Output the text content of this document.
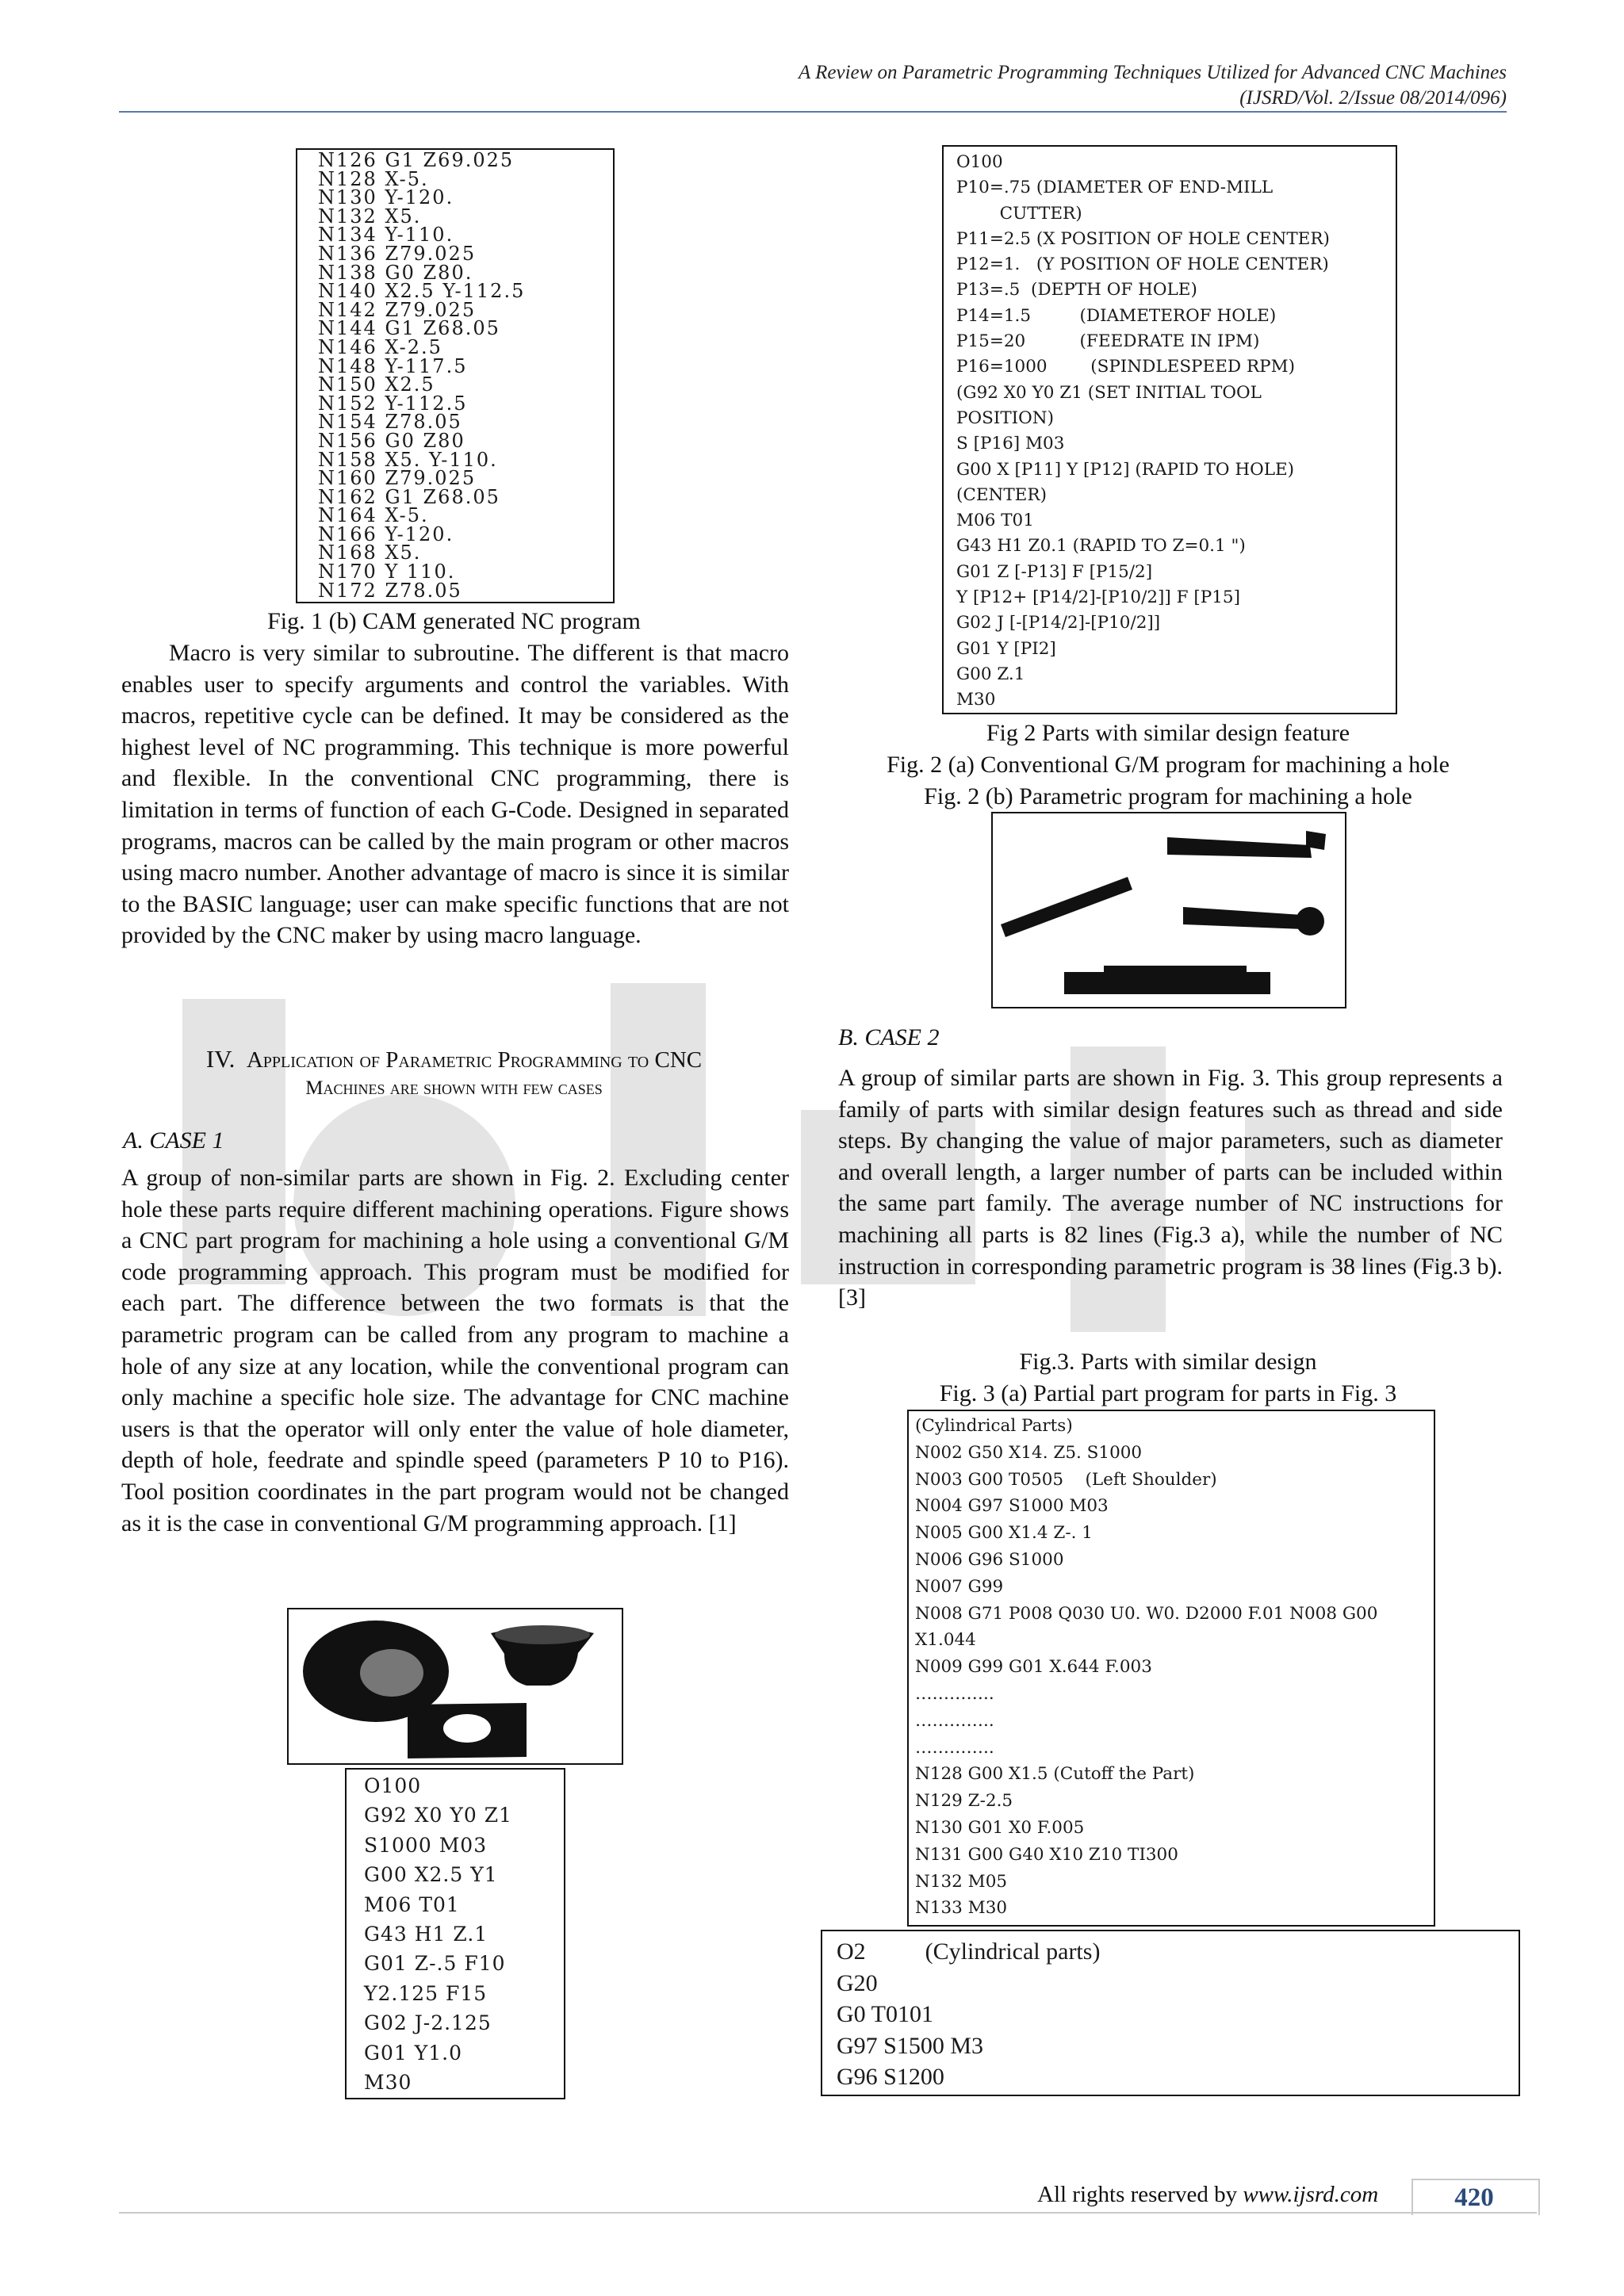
A Review on Parametric Programming Techniques Utilized for Advanced CNC Machines
(IJSRD/Vol. 2/Issue 08/2014/096)
N126 G1 Z69.025
N128 X-5.
N130 Y-120.
N132 X5.
N134 Y-110.
N136 Z79.025
N138 G0 Z80.
N140 X2.5 Y-112.5
N142 Z79.025
N144 G1 Z68.05
N146 X-2.5
N148 Y-117.5
N150 X2.5
N152 Y-112.5
N154 Z78.05
N156 G0 Z80
N158 X5. Y-110.
N160 Z79.025
N162 G1 Z68.05
N164 X-5.
N166 Y-120.
N168 X5.
N170 Y 110.
N172 Z78.05
Fig. 1 (b) CAM generated NC program

Macro is very similar to subroutine. The different is that macro enables user to specify arguments and control the variables. With macros, repetitive cycle can be defined. It may be considered as the highest level of NC programming. This technique is more powerful and flexible. In the conventional CNC programming, there is limitation in terms of function of each G-Code. Designed in separated programs, macros can be called by the main program or other macros using macro number. Another advantage of macro is since it is similar to the BASIC language; user can make specific functions that are not provided by the CNC maker by using macro language.

IV. Application of Parametric Programming to CNC
Machines are shown with few cases
A. CASE 1

A group of non-similar parts are shown in Fig. 2. Excluding center hole these parts require different machining operations. Figure shows a CNC part program for machining a hole using a conventional G/M code programming approach. This program must be modified for each part. The difference between the two formats is that the parametric program can be called from any program to machine a hole of any size at any location, while the conventional program can only machine a specific hole size. The advantage for CNC machine users is that the operator will only enter the value of hole diameter, depth of hole, feedrate and spindle speed (parameters P 10 to P16). Tool position coordinates in the part program would not be changed as it is the case in conventional G/M programming approach. [1]

O100
G92 X0 Y0 Z1
S1000 M03
G00 X2.5 Y1
M06 T01
G43 H1 Z.1
G01 Z-.5 F10
Y2.125 F15
G02 J-2.125
G01 Y1.0
M30
O100
P10=.75 (DIAMETER OF END-MILL
CUTTER)
P11=2.5 (X POSITION OF HOLE CENTER)
P12=1.   (Y POSITION OF HOLE CENTER)
P13=.5  (DEPTH OF HOLE)
P14=1.5         (DIAMETEROF HOLE)
P15=20          (FEEDRATE IN IPM)
P16=1000        (SPINDLESPEED RPM)
(G92 X0 Y0 Z1 (SET INITIAL TOOL
POSITION)
S [P16] M03
G00 X [P11] Y [P12] (RAPID TO HOLE)
(CENTER)
M06 T01
G43 H1 Z0.1 (RAPID TO Z=0.1 ")
G01 Z [-P13] F [P15/2]
Y [P12+ [P14/2]-[P10/2]] F [P15]
G02 J [-[P14/2]-[P10/2]]
G01 Y [PI2]
G00 Z.1
M30
Fig 2 Parts with similar design feature
Fig. 2 (a) Conventional G/M program for machining a hole
Fig. 2 (b) Parametric program for machining a hole
B. CASE 2

A group of similar parts are shown in Fig. 3. This group represents a family of parts with similar design features such as thread and side steps. By changing the value of major parameters, such as diameter and overall length, a larger number of parts can be included within the same part family. The average number of NC instructions for machining all parts is 82 lines (Fig.3 a), while the number of NC instruction in corresponding parametric program is 38 lines (Fig.3 b). [3]

Fig.3. Parts with similar design
Fig. 3 (a) Partial part program for parts in Fig. 3
(Cylindrical Parts)
N002 G50 X14. Z5. S1000
N003 G00 T0505    (Left Shoulder)
N004 G97 S1000 M03
N005 G00 X1.4 Z-. 1
N006 G96 S1000
N007 G99
N008 G71 P008 Q030 U0. W0. D2000 F.01 N008 G00
X1.044
N009 G99 G01 X.644 F.003
…………..
…………..
…………..
N128 G00 X1.5 (Cutoff the Part)
N129 Z-2.5
N130 G01 X0 F.005
N131 G00 G40 X10 Z10 TI300
N132 M05
N133 M30
O2          (Cylindrical parts)
G20
G0 T0101
G97 S1500 M3
G96 S1200
All rights reserved by www.ijsrd.com	420
